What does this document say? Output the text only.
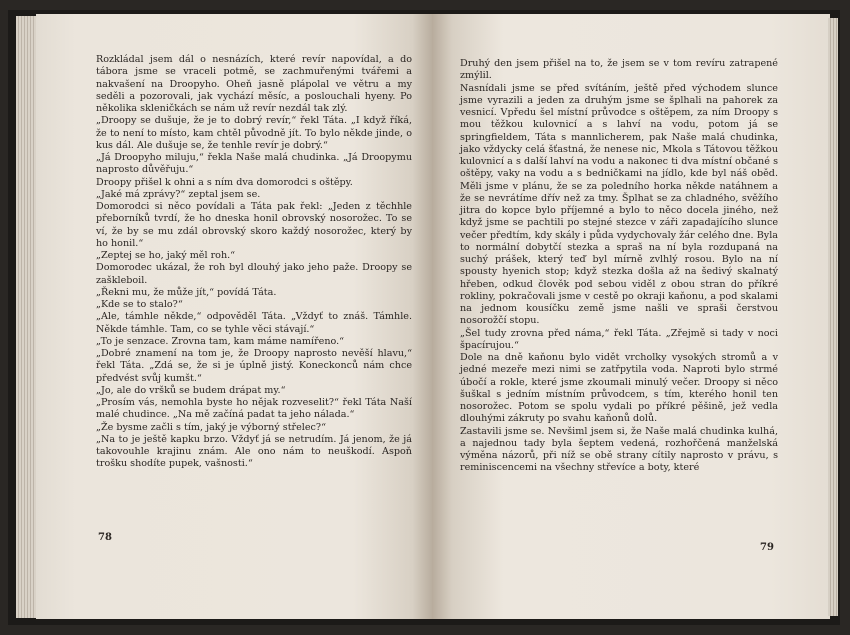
Rozkládal jsem dál o nesnázích, které revír napovídal, a do tábora jsme se vraceli potmě, se zachmuřenými tvářemi a nakvašení na Droopyho. Oheň jasně plápolal ve větru a my seděli a pozorovali, jak vychází měsíc, a poslouchali hyeny. Po několika skleničkách se nám už revír nezdál tak zlý.

„Droopy se dušuje, že je to dobrý revír,“ řekl Táta. „I když říká, že to není to místo, kam chtěl původně jít. To bylo někde jinde, o kus dál. Ale dušuje se, že tenhle revír je dobrý.“

„Já Droopyho miluju,“ řekla Naše malá chudinka. „Já Droopymu naprosto důvěřuju.“

Droopy přišel k ohni a s ním dva domorodci s oštěpy.

„Jaké má zprávy?“ zeptal jsem se.

Domorodci si něco povídali a Táta pak řekl: „Jeden z těchhle přeborníků tvrdí, že ho dneska honil obrovský nosorožec. To se ví, že by se mu zdál obrovský skoro každý nosorožec, který by ho honil.“

„Zeptej se ho, jaký měl roh.“

Domorodec ukázal, že roh byl dlouhý jako jeho paže. Droopy se zaškleboil.

„Řekni mu, že může jít,“ povídá Táta.

„Kde se to stalo?“

„Ale, támhle někde,“ odpověděl Táta. „Vždyť to znáš. Támhle. Někde támhle. Tam, co se tyhle věci stávají.“

„To je senzace. Zrovna tam, kam máme namířeno.“

„Dobré znamení na tom je, že Droopy naprosto nevěší hlavu,“ řekl Táta. „Zdá se, že si je úplně jistý. Koneckonců nám chce předvést svůj kumšt.“

„Jo, ale do vršků se budem drápat my.“

„Prosím vás, nemohla byste ho nějak rozveselit?“ řekl Táta Naší malé chudince. „Na mě začíná padat ta jeho nálada.“

„Že bysme začli s tím, jaký je výborný střelec?“

„Na to je ještě kapku brzo. Vždyť já se netrudím. Já jenom, že já takovouhle krajinu znám. Ale ono nám to neuškodí. Aspoň trošku shodíte pupek, vašnosti.“

78

Druhý den jsem přišel na to, že jsem se v tom revíru zatrapené zmýlil.

Nasnídali jsme se před svítáním, ještě před východem slunce jsme vyrazili a jeden za druhým jsme se šplhali na pahorek za vesnicí. Vpředu šel místní průvodce s oštěpem, za ním Droopy s mou těžkou kulovnicí a s lahví na vodu, potom já se springfieldem, Táta s mannlicherem, pak Naše malá chudinka, jako vždycky celá šťastná, že nenese nic, Mkola s Tátovou těžkou kulovnicí a s další lahví na vodu a nakonec ti dva místní občané s oštěpy, vaky na vodu a s bedničkami na jídlo, kde byl náš oběd. Měli jsme v plánu, že se za poledního horka někde natáhnem a že se nevrátíme dřív než za tmy. Šplhat se za chladného, svěžího jitra do kopce bylo příjemné a bylo to něco docela jiného, než když jsme se pachtili po stejné stezce v záři zapadajícího slunce večer předtím, kdy skály i půda vydychovaly žár celého dne. Byla to normální dobytčí stezka a spraš na ní byla rozdupaná na suchý prášek, který teď byl mírně zvlhlý rosou. Bylo na ní spousty hyenich stop; když stezka došla až na šedivý skalnatý hřeben, odkud člověk pod sebou viděl z obou stran do příkré rokliny, pokračovali jsme v cestě po okraji kaňonu, a pod skalami na jednom kousíčku země jsme našli ve spraši čerstvou nosorožčí stopu.

„Šel tudy zrovna před náma,“ řekl Táta. „Zřejmě si tady v noci špacírujou.“

Dole na dně kaňonu bylo vidět vrcholky vysokých stromů a v jedné mezeře mezi nimi se zatřpytila voda. Naproti bylo strmé úbočí a rokle, které jsme zkoumali minulý večer. Droopy si něco šuškal s jedním místním průvodcem, s tím, kterého honil ten nosorožec. Potom se spolu vydali po příkré pěšině, jež vedla dlouhými zákruty po svahu kaňonů dolů.

Zastavili jsme se. Nevšiml jsem si, že Naše malá chudinka kulhá, a najednou tady byla šeptem vedená, rozhořčená manželská výměna názorů, při níž se obě strany cítily naprosto v právu, s reminiscencemi na všechny střevíce a boty, které

79
